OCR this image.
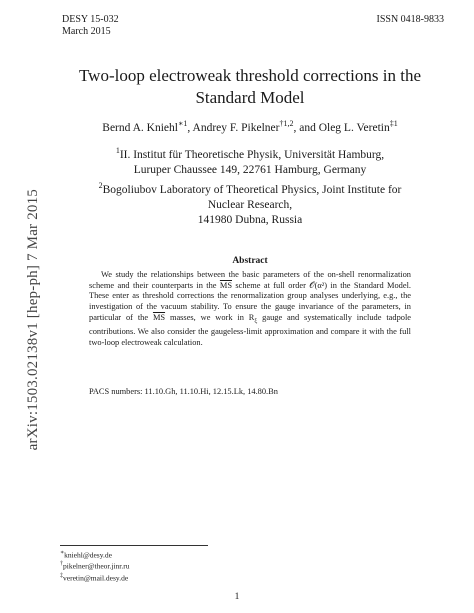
arXiv:1503.02138v1 [hep-ph] 7 Mar 2015
DESY 15-032
March 2015
ISSN 0418-9833
Two-loop electroweak threshold corrections in the
Standard Model
Bernd A. Kniehl$^{∗1}$, Andrey F. Pikelner$^{\dagger 1,2}$, and Oleg L. Veretin$^{\ddagger 1}$
$^1$II. Institut für Theoretische Physik, Universität Hamburg,
Luruper Chaussee 149, 22761 Hamburg, Germany
$^2$Bogoliubov Laboratory of Theoretical Physics, Joint Institute for
Nuclear Research,
141980 Dubna, Russia
Abstract
We study the relationships between the basic parameters of the on-shell renormalization scheme and their counterparts in the $\overline{MS}$ scheme at full order 𝒪(α²) in the Standard Model. These enter as threshold corrections the renormalization group analyses underlying, e.g., the investigation of the vacuum stability. To ensure the gauge invariance of the parameters, in particular of the $\overline{MS}$ masses, we work in $R_\xi$ gauge and systematically include tadpole contributions. We also consider the gaugeless-limit approximation and compare it with the full two-loop electroweak calculation.
PACS numbers: 11.10.Gh, 11.10.Hi, 12.15.Lk, 14.80.Bn
∗kniehl@desy.de
†pikelner@theor.jinr.ru
‡veretin@mail.desy.de
1
